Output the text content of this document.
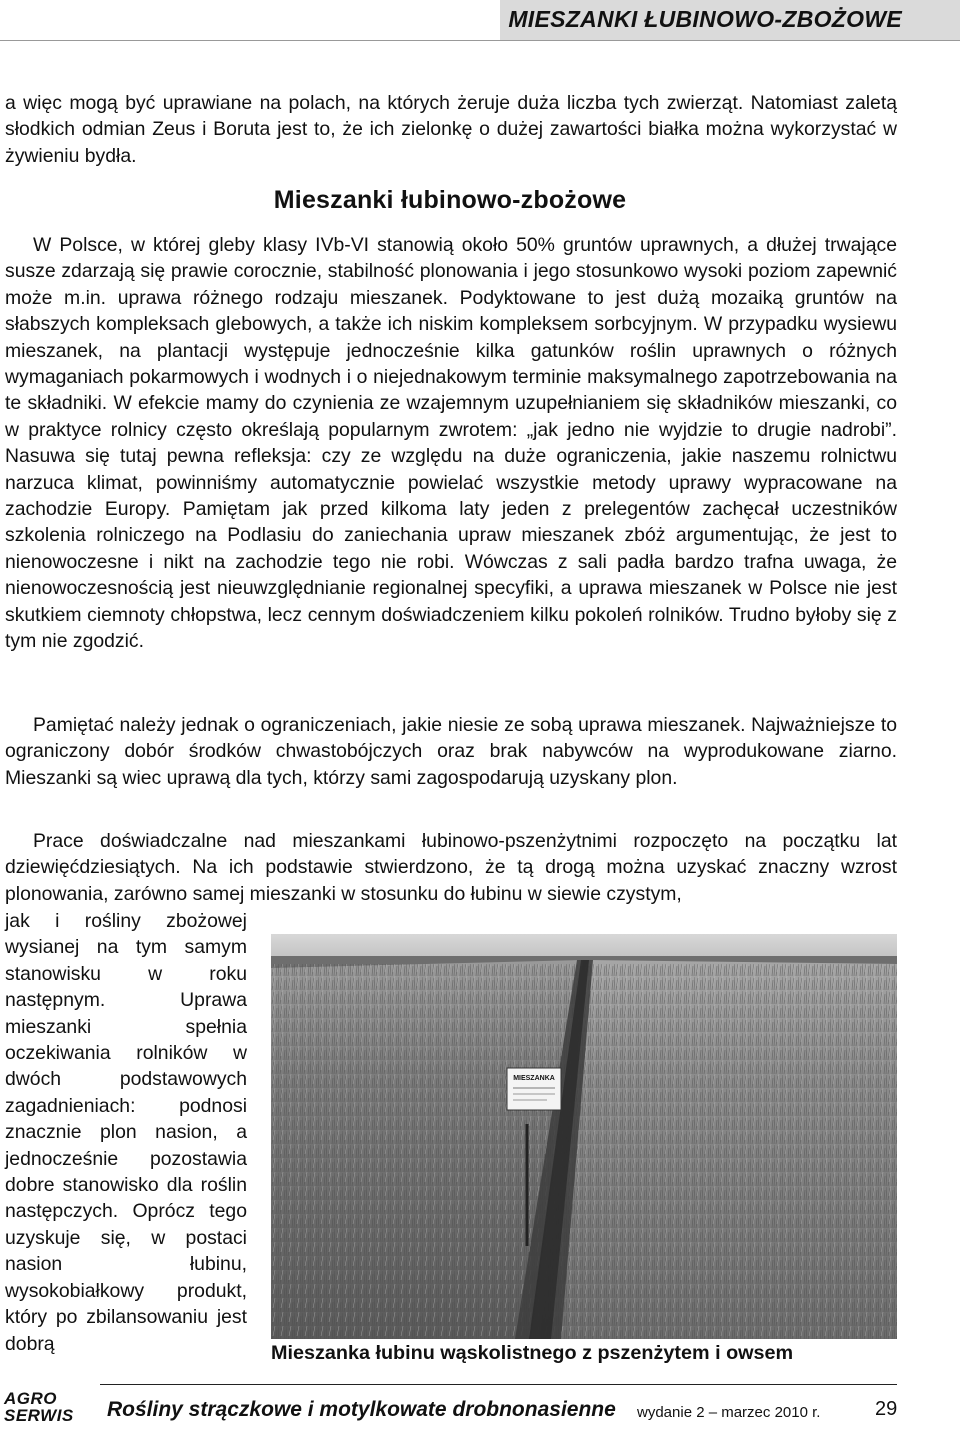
MIESZANKI ŁUBINOWO-ZBOŻOWE

a więc mogą być uprawiane na polach, na których żeruje duża liczba tych zwierząt. Natomiast zaletą słodkich odmian Zeus i Boruta jest to, że ich zielonkę o dużej zawartości białka można wykorzystać w żywieniu bydła.

Mieszanki łubinowo-zbożowe

W Polsce, w której gleby klasy IVb-VI stanowią około 50% gruntów uprawnych, a dłużej trwające susze zdarzają się prawie corocznie, stabilność plonowania i jego stosunkowo wysoki poziom zapewnić może m.in. uprawa różnego rodzaju mieszanek. Podyktowane to jest dużą mozaiką gruntów na słabszych kompleksach glebowych, a także ich niskim kompleksem sorbcyjnym. W przypadku wysiewu mieszanek, na plantacji występuje jednocześnie kilka gatunków roślin uprawnych o różnych wymaganiach pokarmowych i wodnych i o niejednakowym terminie maksymalnego zapotrzebowania na te składniki. W efekcie mamy do czynienia ze wzajemnym uzupełnianiem się składników mieszanki, co w praktyce rolnicy często określają popularnym zwrotem: „jak jedno nie wyjdzie to drugie nadrobi”. Nasuwa się tutaj pewna refleksja: czy ze względu na duże ograniczenia, jakie naszemu rolnictwu narzuca klimat, powinniśmy automatycznie powielać wszystkie metody uprawy wypracowane na zachodzie Europy. Pamiętam jak przed kilkoma laty jeden z prelegentów zachęcał uczestników szkolenia rolniczego na Podlasiu do zaniechania upraw mieszanek zbóż argumentując, że jest to nienowoczesne i nikt na zachodzie tego nie robi. Wówczas z sali padła bardzo trafna uwaga, że nienowoczesnością jest nieuwzględnianie regionalnej specyfiki, a uprawa mieszanek w Polsce nie jest skutkiem ciemnoty chłopstwa, lecz cennym doświadczeniem kilku pokoleń rolników. Trudno byłoby się z tym nie zgodzić.

Pamiętać należy jednak o ograniczeniach, jakie niesie ze sobą uprawa mieszanek. Najważniejsze to ograniczony dobór środków chwastobójczych oraz brak nabywców na wyprodukowane ziarno. Mieszanki są wiec uprawą dla tych, którzy sami zagospodarują uzyskany plon.

Prace doświadczalne nad mieszankami łubinowo-pszenżytnimi rozpoczęto na początku lat dziewięćdziesiątych. Na ich podstawie stwierdzono, że tą drogą można uzyskać znaczny wzrost plonowania, zarówno samej mieszanki w stosunku do łubinu w siewie czystym,

jak i rośliny zbożowej wysianej na tym samym stanowisku w roku następnym. Uprawa mieszanki spełnia oczekiwania rolników w dwóch podstawowych zagadnieniach: podnosi znacznie plon nasion, a jednocześnie pozostawia dobre stanowisko dla roślin następczych. Oprócz tego uzyskuje się, w postaci nasion łubinu, wysokobiałkowy produkt, który po zbilansowaniu jest dobrą

MIESZANKA

Mieszanka łubinu wąskolistnego z pszenżytem i owsem

AGRO
SERWIS	Rośliny strączkowe i motylkowate drobnonasienne wydanie 2 – marzec 2010 r.	29
